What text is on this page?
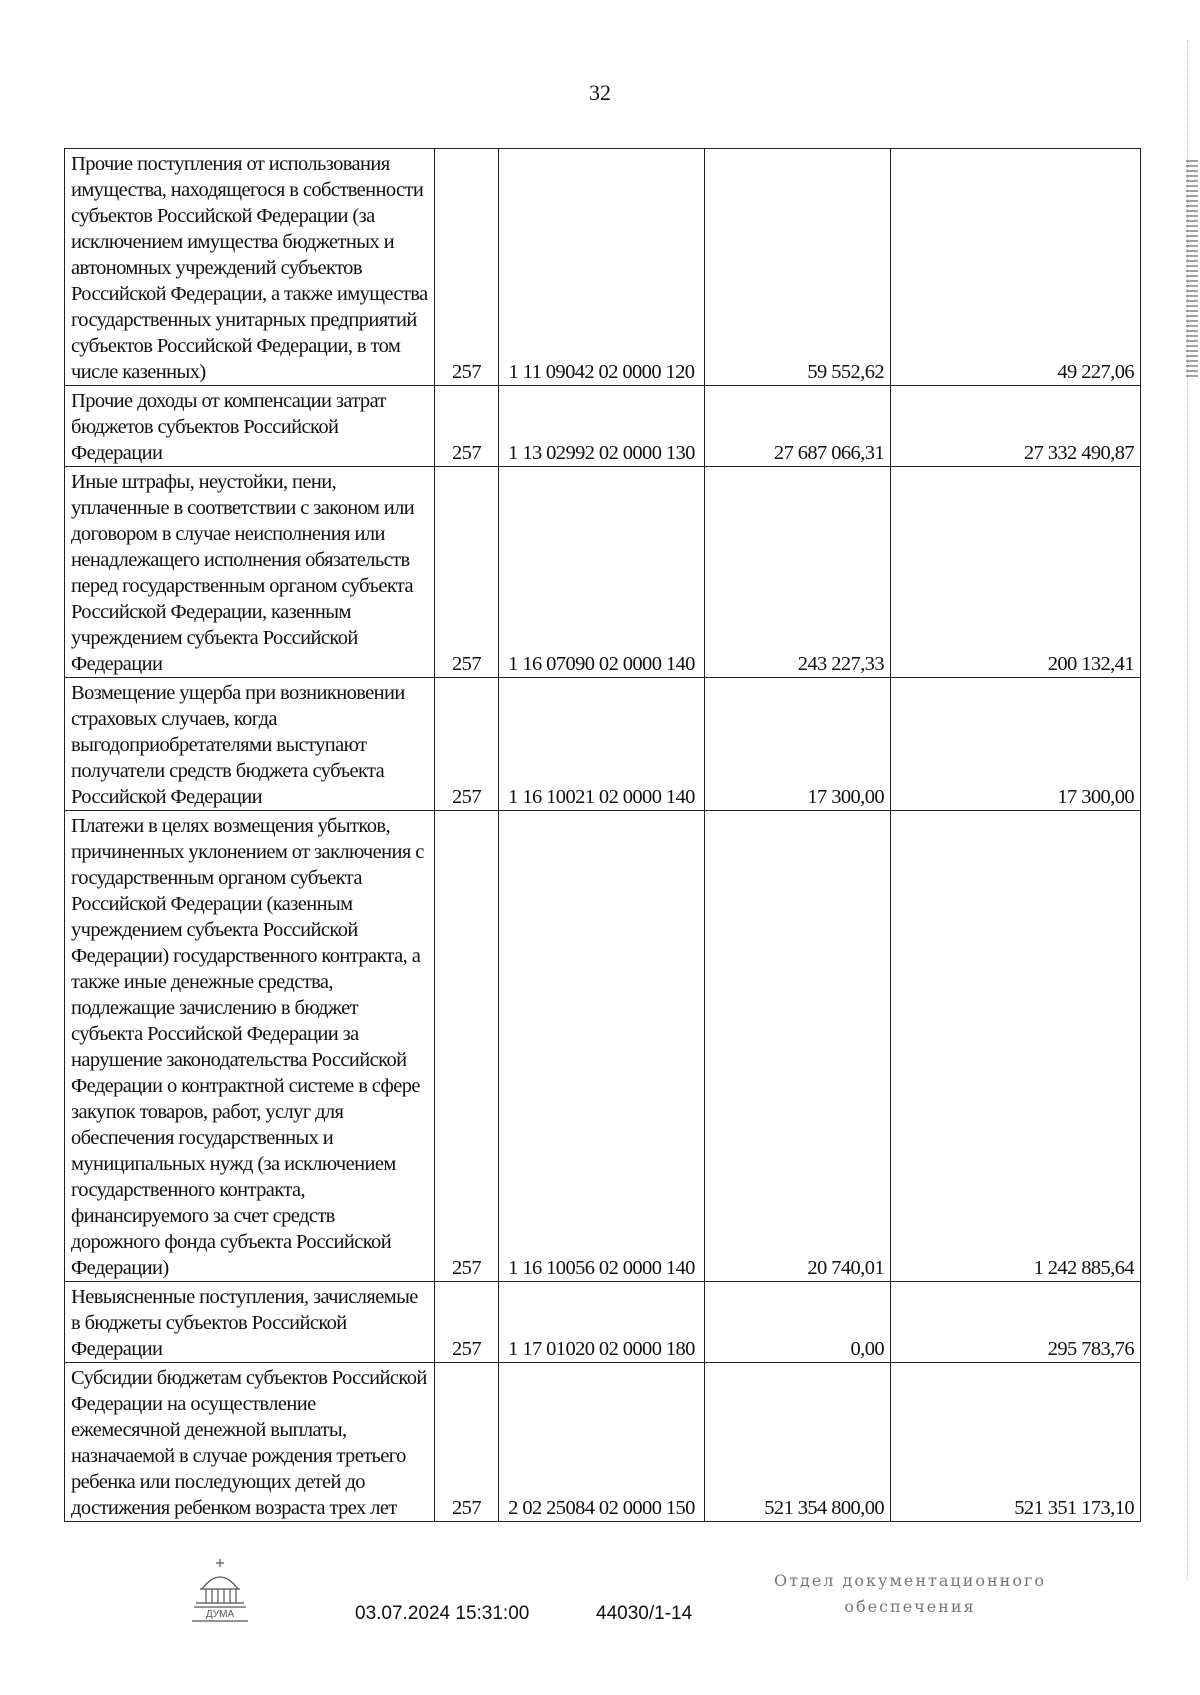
32
Прочие поступления от использования имущества, находящегося в собственности субъектов Российской Федерации (за исключением имущества бюджетных и автономных учреждений субъектов Российской Федерации, а также имущества государственных унитарных предприятий субъектов Российской Федерации, в том числе казенных)	257	1 11 09042 02 0000 120	59 552,62	49 227,06
Прочие доходы от компенсации затрат бюджетов субъектов Российской Федерации	257	1 13 02992 02 0000 130	27 687 066,31	27 332 490,87
Иные штрафы, неустойки, пени, уплаченные в соответствии с законом или договором в случае неисполнения или ненадлежащего исполнения обязательств перед государственным органом субъекта Российской Федерации, казенным учреждением субъекта Российской Федерации	257	1 16 07090 02 0000 140	243 227,33	200 132,41
Возмещение ущерба при возникновении страховых случаев, когда выгодоприобретателями выступают получатели средств бюджета субъекта Российской Федерации	257	1 16 10021 02 0000 140	17 300,00	17 300,00
Платежи в целях возмещения убытков, причиненных уклонением от заключения с государственным органом субъекта Российской Федерации (казенным учреждением субъекта Российской Федерации) государственного контракта, а также иные денежные средства, подлежащие зачислению в бюджет субъекта Российской Федерации за нарушение законодательства Российской Федерации о контрактной системе в сфере закупок товаров, работ, услуг для обеспечения государственных и муниципальных нужд (за исключением государственного контракта, финансируемого за счет средств дорожного фонда субъекта Российской Федерации)	257	1 16 10056 02 0000 140	20 740,01	1 242 885,64
Невыясненные поступления, зачисляемые в бюджеты субъектов Российской Федерации	257	1 17 01020 02 0000 180	0,00	295 783,76
Субсидии бюджетам субъектов Российской Федерации на осуществление ежемесячной денежной выплаты, назначаемой в случае рождения третьего ребенка или последующих детей до достижения ребенком возраста трех лет	257	2 02 25084 02 0000 150	521 354 800,00	521 351 173,10
ДУМА	03.07.2024 15:31:00	44030/1-14
Отдел документационного
обеспечения
